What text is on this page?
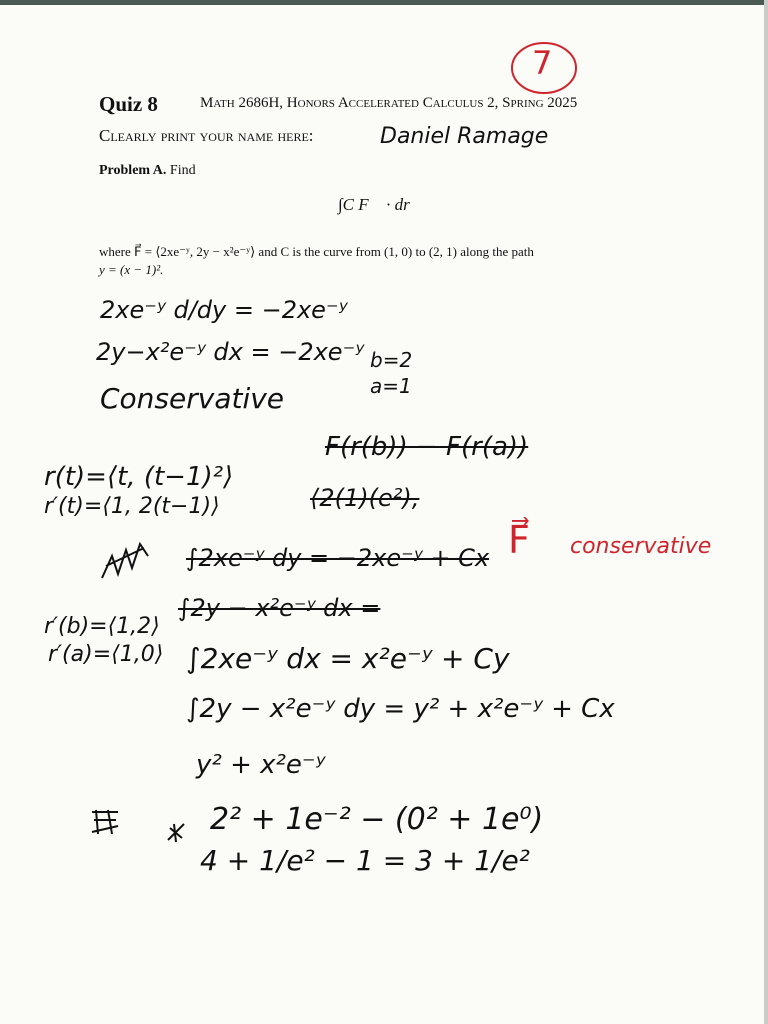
7
Quiz 8	Math 2686H, Honors Accelerated Calculus 2, Spring 2025
Clearly print your name here:	Daniel Ramage
Problem A. Find
∫C F⃗ · dr⃗
where F⃗ = ⟨2xe⁻ʸ, 2y − x²e⁻ʸ⟩ and C is the curve from (1, 0) to (2, 1) along the path
y = (x − 1)².
2xe⁻ʸ d/dy = −2xe⁻ʸ
2y−x²e⁻ʸ dx = −2xe⁻ʸ
Conservative
b=2
a=1
F(r(b)) − F(r(a))
r(t)=⟨t, (t−1)²⟩
r′(t)=⟨1, 2(t−1)⟩	⟨2(1)(e²),
∫2xe⁻ʸ dy = −2xe⁻ʸ + Cx F⃗ conservative
∫2y − x²e⁻ʸ dx =
r′(b)=⟨1,2⟩
r′(a)=⟨1,0⟩ ∫2xe⁻ʸ dx = x²e⁻ʸ + Cy
∫2y − x²e⁻ʸ dy = y² + x²e⁻ʸ + Cx
y² + x²e⁻ʸ
2² + 1e⁻² − (0² + 1e⁰)
4 + 1/e² − 1 = 3 + 1/e²
